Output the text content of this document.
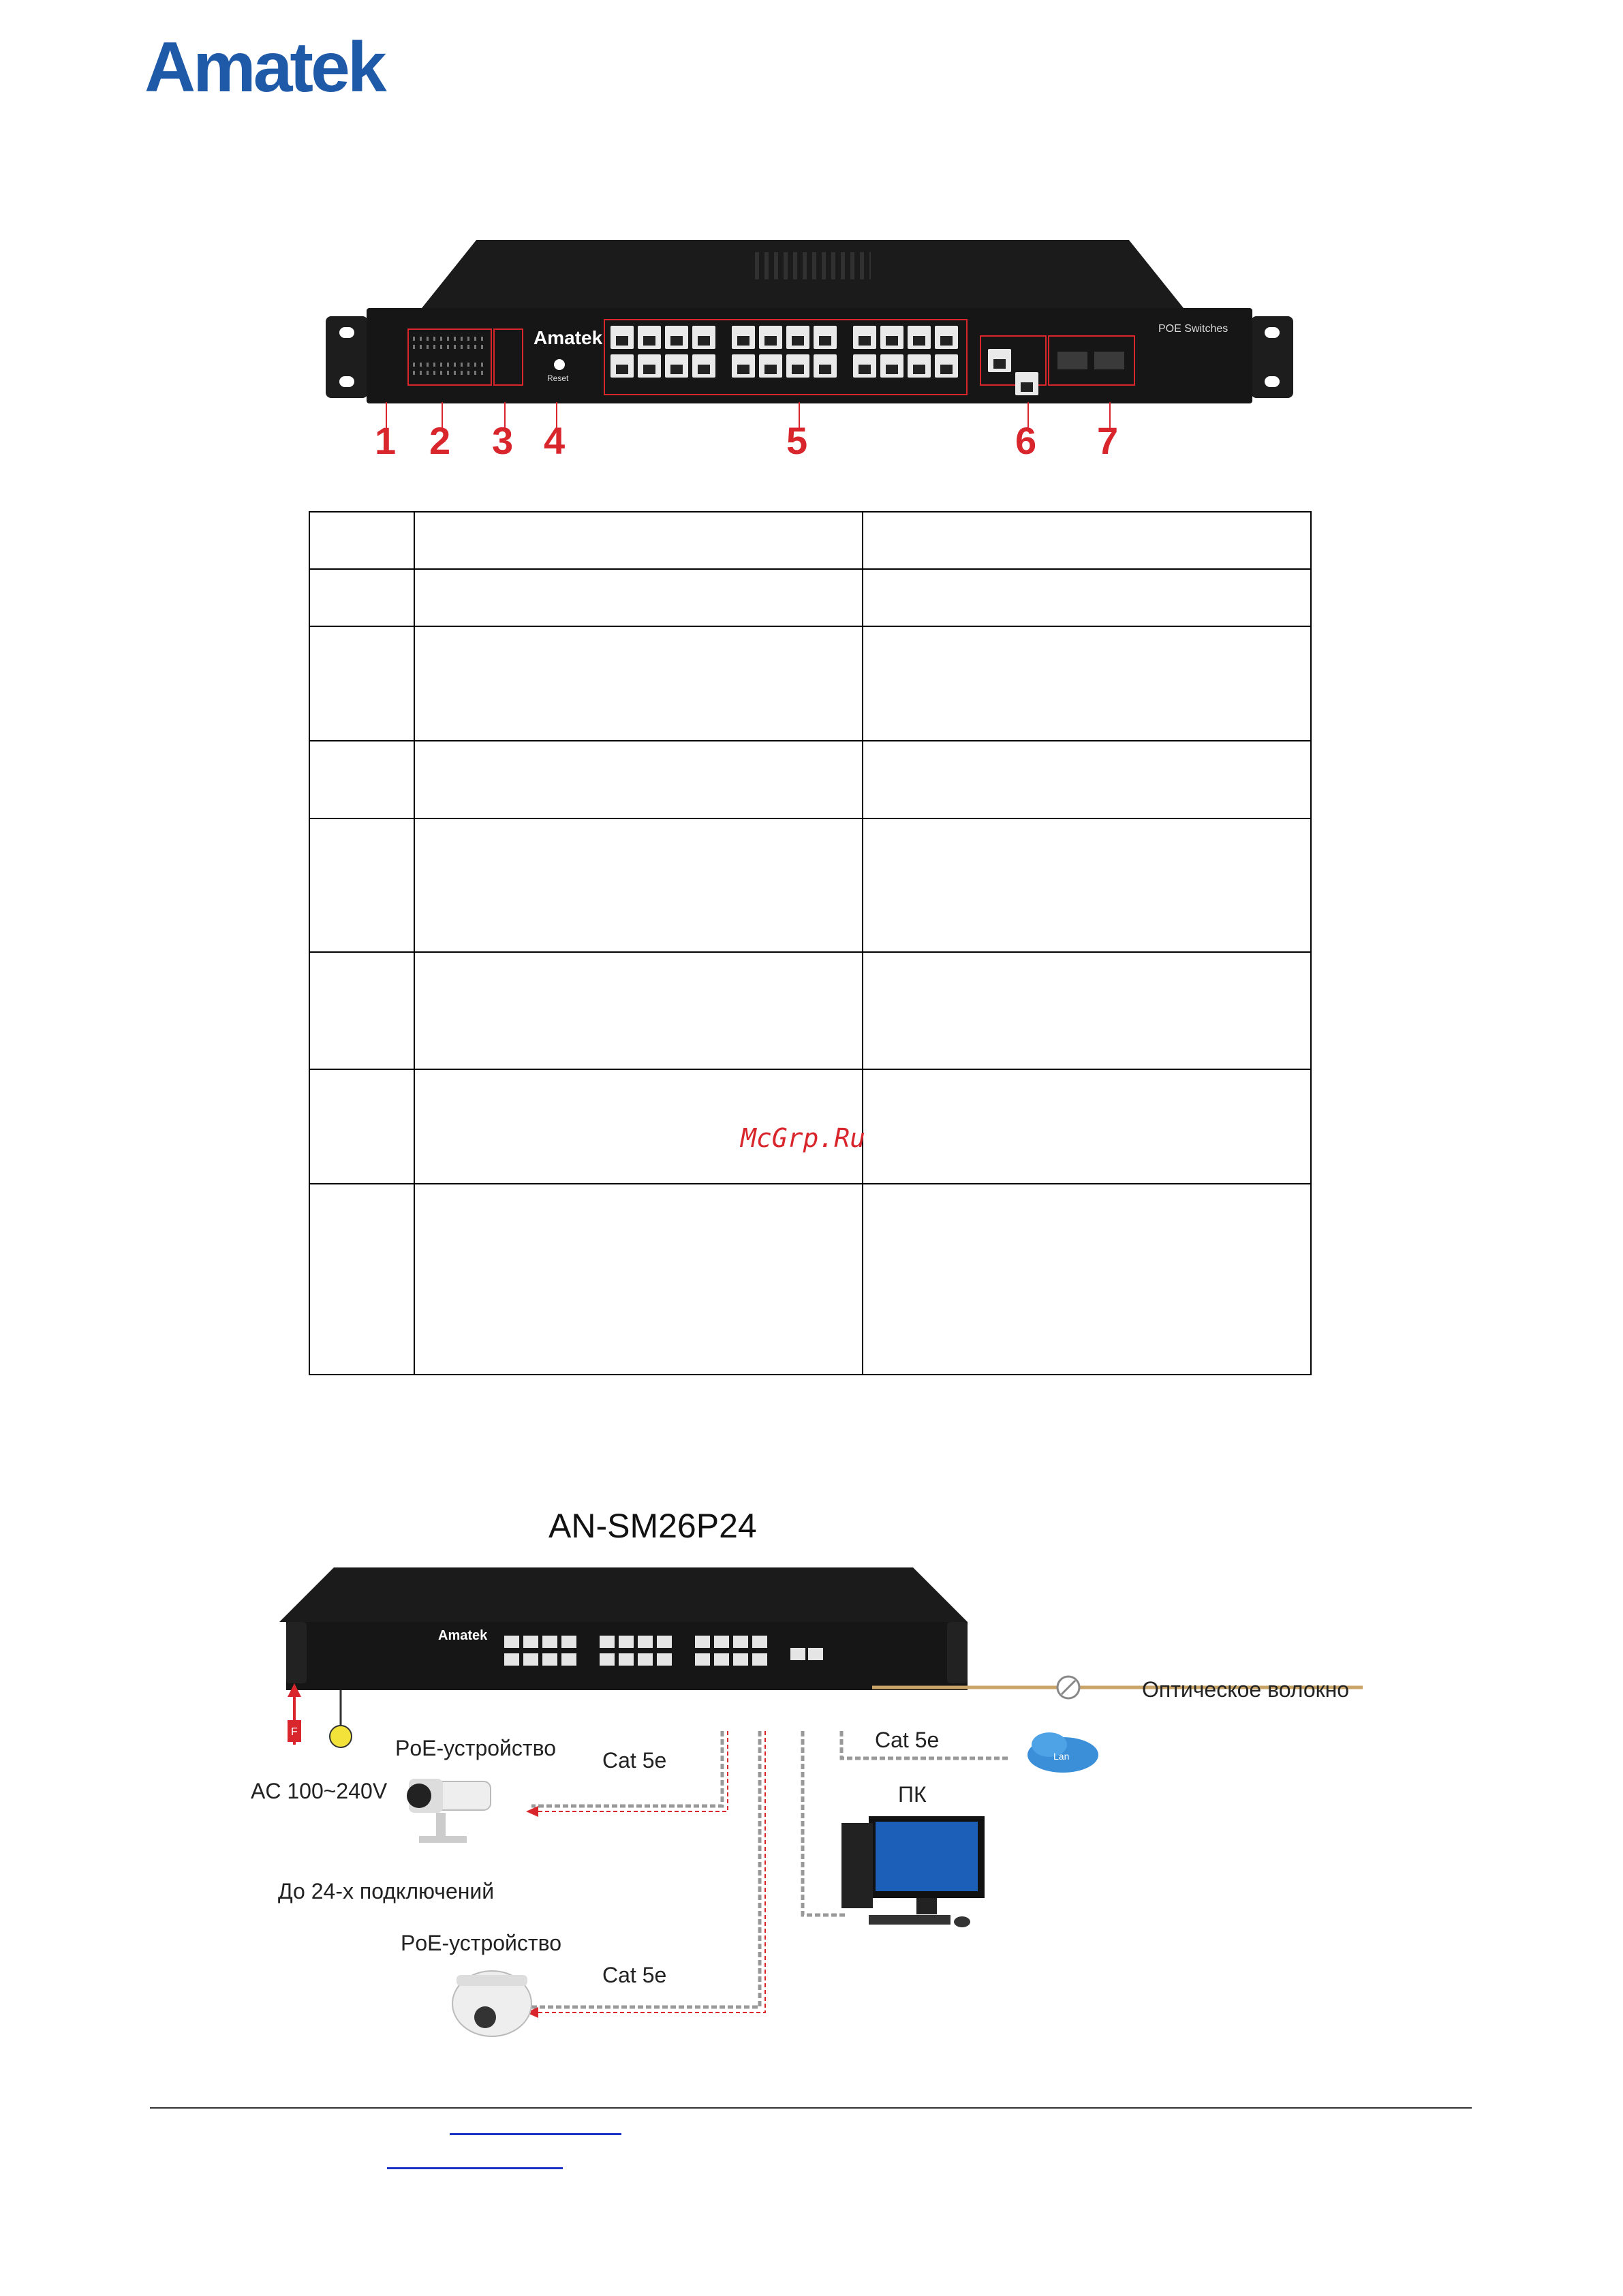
Amatek
Amatek
Reset
POE Switches
1 2 3 4	5	6 7

McGrp.Ru
AN-SM26P24
Amatek
F
Lan
Оптическое волокно
PoE-устройство Cat 5e
Cat 5e
AC 100~240V	ПК
До 24-х подключений
PoE-устройство
Cat 5e
